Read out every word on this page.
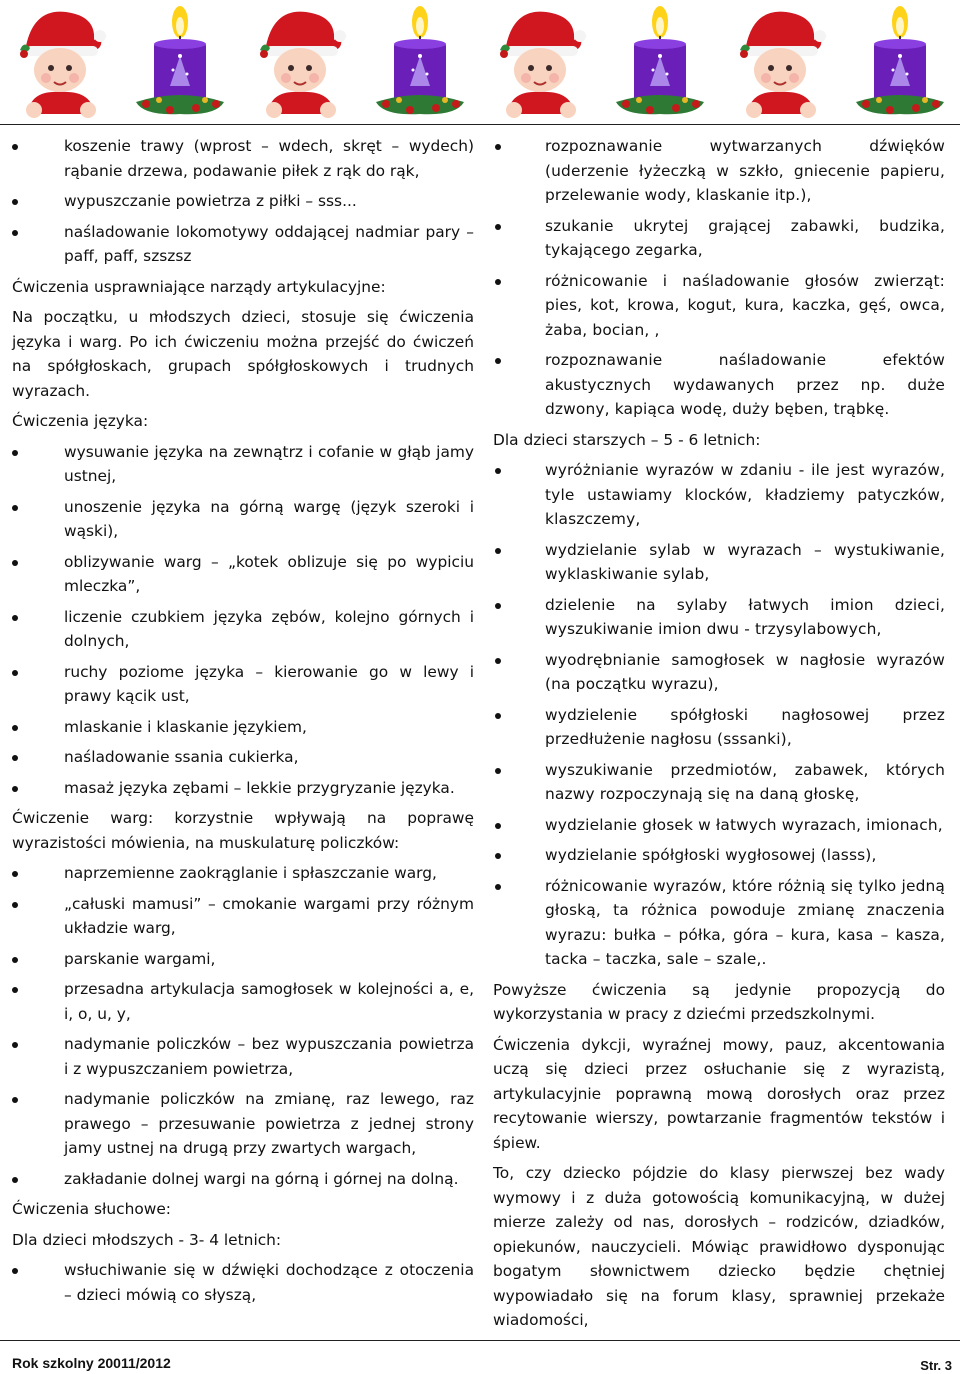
koszenie trawy (wprost – wdech, skręt – wydech) rąbanie drzewa, podawanie piłek z rąk do rąk,
wypuszczanie powietrza z piłki – sss...
naśladowanie lokomotywy oddającej nadmiar pary – paff, paff, szszsz

Ćwiczenia usprawniające narządy artykulacyjne:

Na początku, u młodszych dzieci, stosuje się ćwiczenia języka i warg. Po ich ćwiczeniu można przejść do ćwiczeń na spółgłoskach, grupach spółgłoskowych i trudnych wyrazach.

Ćwiczenia języka:

wysuwanie języka na zewnątrz i cofanie w głąb jamy ustnej,
unoszenie języka na górną wargę (język szeroki i wąski),
oblizywanie warg – „kotek oblizuje się po wypiciu mleczka”,
liczenie czubkiem języka zębów, kolejno górnych i dolnych,
ruchy poziome języka – kierowanie go w lewy i prawy kącik ust,
mlaskanie i klaskanie językiem,
naśladowanie ssania cukierka,
masaż języka zębami – lekkie przygryzanie języka.

Ćwiczenie warg: korzystnie wpływają na poprawę wyrazistości mówienia, na muskulaturę policzków:

naprzemienne zaokrąglanie i spłaszczanie warg,
„całuski mamusi” – cmokanie wargami przy różnym układzie warg,
parskanie wargami,
przesadna artykulacja samogłosek w kolejności a, e, i, o, u, y,
nadymanie policzków – bez wypuszczania powietrza i z wypuszczaniem powietrza,
nadymanie policzków na zmianę, raz lewego, raz prawego – przesuwanie powietrza z jednej strony jamy ustnej na drugą przy zwartych wargach,
zakładanie dolnej wargi na górną i górnej na dolną.

Ćwiczenia słuchowe:

Dla dzieci młodszych - 3- 4 letnich:

wsłuchiwanie się w dźwięki dochodzące z otoczenia – dzieci mówią co słyszą,
rozpoznawanie wytwarzanych dźwięków (uderzenie łyżeczką w szkło, gniecenie papieru, przelewanie wody, klaskanie itp.),
szukanie ukrytej grającej zabawki, budzika, tykającego zegarka,
różnicowanie i naśladowanie głosów zwierząt: pies, kot, krowa, kogut, kura, kaczka, gęś, owca, żaba, bocian, ,
rozpoznawanie naśladowanie efektów akustycznych wydawanych przez np. duże dzwony, kapiąca wodę, duży bęben, trąbkę.

Dla dzieci starszych – 5 - 6 letnich:

wyróżnianie wyrazów w zdaniu - ile jest wyrazów, tyle ustawiamy klocków, kładziemy patyczków, klaszczemy,
wydzielanie sylab w wyrazach – wystukiwanie, wyklaskiwanie sylab,
dzielenie na sylaby łatwych imion dzieci, wyszukiwanie imion dwu - trzysylabowych,
wyodrębnianie samogłosek w nagłosie wyrazów (na początku wyrazu),
wydzielenie spółgłoski nagłosowej przez przedłużenie nagłosu (sssanki),
wyszukiwanie przedmiotów, zabawek, których nazwy rozpoczynają się na daną głoskę,
wydzielanie głosek w łatwych wyrazach, imionach,
wydzielanie spółgłoski wygłosowej (lasss),
różnicowanie wyrazów, które różnią się tylko jedną głoską, ta różnica powoduje zmianę znaczenia wyrazu: bułka – półka, góra – kura, kasa – kasza, tacka – taczka, sale – szale,.

Powyższe ćwiczenia są jedynie propozycją do wykorzystania w pracy z dziećmi przedszkolnymi.

Ćwiczenia dykcji, wyraźnej mowy, pauz, akcentowania uczą się dzieci przez osłuchanie się z wyrazistą, artykulacyjnie poprawną mową dorosłych oraz przez recytowanie wierszy, powtarzanie fragmentów tekstów i śpiew.

To, czy dziecko pójdzie do klasy pierwszej bez wady wymowy i z duża gotowością komunikacyjną, w dużej mierze zależy od nas, dorosłych – rodziców, dziadków, opiekunów, nauczycieli. Mówiąc prawidłowo dysponując bogatym słownictwem dziecko będzie chętniej wypowiadało się na forum klasy, sprawniej przekaże wiadomości,

Rok szkolny 20011/2012	Str. 3
